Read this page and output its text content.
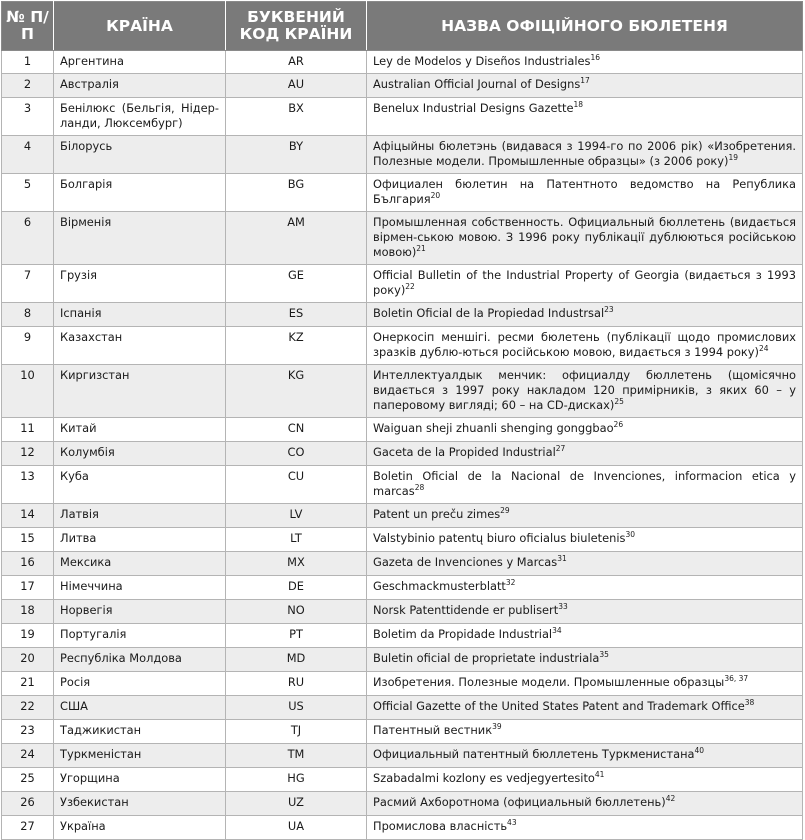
№ П/П	КРАЇНА	БУКВЕНИЙ КОД КРАЇНИ	НАЗВА ОФІЦІЙНОГО БЮЛЕТЕНЯ
1	Аргентина	AR	Ley de Modelos y Diseños Industriales$^{16}$
2	Австралія	AU	Australian Official Journal of Designs$^{17}$
3	Бенілюкс (Бельгія, Нідер-ланди, Люксембург)	BX	Benelux Industrial Designs Gazette$^{18}$
4	Білорусь	BY	Афіцыйны бюлетэнь (видавася з 1994-го по 2006 рік) «Изобретения. Полезные модели. Промышленные образцы» (з 2006 року)$^{19}$
5	Болгарія	BG	Официален бюлетин на Патентното ведомство на Република България$^{20}$
6	Вірменія	AM	Промышленная собственность. Официальный бюллетень (видається вірмен-ською мовою. З 1996 року публікації дублюються російською мовою)$^{21}$
7	Грузія	GE	Official Bulletin of the Industrial Property of Georgia (видається з 1993 року)$^{22}$
8	Іспанія	ES	Boletin Oficial de la Propiedad Industrsal$^{23}$
9	Казахстан	KZ	Онеркосіп меншігі. ресми бюлетень (публікації щодо промислових зразків дублю-ються російською мовою, видається з 1994 року)$^{24}$
10	Киргизстан	KG	Интеллектуалдык менчик: официалду бюллетень (щомісячно видається з 1997 року накладом 120 примірників, з яких 60 – у паперовому вигляді; 60 – на CD-дисках)$^{25}$
11	Китай	CN	Waiguan sheji zhuanli shenging gonggbao$^{26}$
12	Колумбія	CO	Gaceta de la Propided Industrial$^{27}$
13	Куба	CU	Boletin Oficial de la Nacional de Invenciones, informacion etica y marcas$^{28}$
14	Латвія	LV	Patent un preču zimes$^{29}$
15	Литва	LT	Valstybinio patentų biuro oficialus biuletenis$^{30}$
16	Мексика	MX	Gazeta de Invenciones y Marcas$^{31}$
17	Німеччина	DE	Geschmackmusterblatt$^{32}$
18	Норвегія	NO	Norsk Patenttidende er publisert$^{33}$
19	Португалія	PT	Boletim da Propidade Industrial$^{34}$
20	Республіка Молдова	MD	Buletin oficial de proprietate industriala$^{35}$
21	Росія	RU	Изобретения. Полезные модели. Промышленные образцы$^{36, 37}$
22	США	US	Official Gazette of the United States Patent and Trademark Office$^{38}$
23	Таджикистан	TJ	Патентный вестник$^{39}$
24	Туркменістан	TM	Официальный патентный бюллетень Туркменистана$^{40}$
25	Угорщина	HG	Szabadalmi kozlony es vedjegyertesito$^{41}$
26	Узбекистан	UZ	Расмий Ахборотнома (официальный бюллетень)$^{42}$
27	Україна	UA	Промислова власність$^{43}$
